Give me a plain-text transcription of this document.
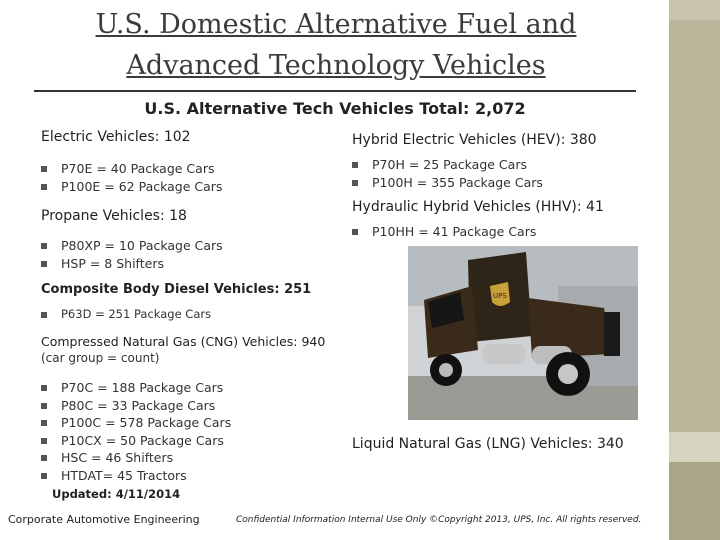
U.S. Domestic Alternative Fuel and Advanced Technology Vehicles
U.S. Alternative Tech Vehicles Total: 2,072
Electric Vehicles: 102
P70E = 40 Package Cars
P100E = 62 Package Cars
Propane Vehicles: 18
P80XP = 10 Package Cars
HSP = 8 Shifters
Hybrid Electric Vehicles (HEV): 380
P70H = 25 Package Cars
P100H = 355 Package Cars
Hydraulic Hybrid Vehicles (HHV): 41
P10HH = 41 Package Cars
Composite Body Diesel Vehicles: 251
P63D = 251 Package Cars
Compressed Natural Gas (CNG) Vehicles: 940
(car group = count)
P70C = 188 Package Cars
P80C = 33 Package Cars
P100C = 578 Package Cars
P10CX = 50 Package Cars
HSC = 46 Shifters
HTDAT= 45 Tractors
UPS
Liquid Natural Gas (LNG) Vehicles: 340
Updated: 4/11/2014
Corporate Automotive Engineering	Confidential Information Internal Use Only ©Copyright 2013, UPS, Inc. All rights reserved.
